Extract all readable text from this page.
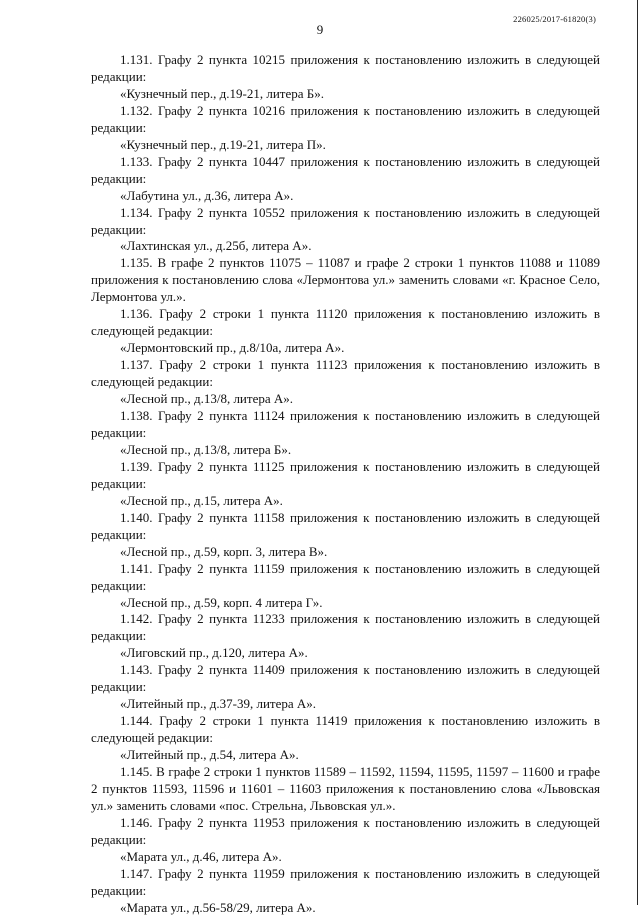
9
226025/2017-61820(3)

1.131. Графу 2 пункта 10215 приложения к постановлению изложить в следующей редакции:

«Кузнечный пер., д.19-21, литера Б».

1.132. Графу 2 пункта 10216 приложения к постановлению изложить в следующей редакции:

«Кузнечный пер., д.19-21, литера П».

1.133. Графу 2 пункта 10447 приложения к постановлению изложить в следующей редакции:

«Лабутина ул., д.36, литера А».

1.134. Графу 2 пункта 10552 приложения к постановлению изложить в следующей редакции:

«Лахтинская ул., д.25б, литера А».

1.135. В графе 2 пунктов 11075 – 11087 и графе 2 строки 1 пунктов 11088 и 11089 приложения к постановлению слова «Лермонтова ул.» заменить словами «г. Красное Село, Лермонтова ул.».

1.136. Графу 2 строки 1 пункта 11120 приложения к постановлению изложить в следующей редакции:

«Лермонтовский пр., д.8/10а, литера А».

1.137. Графу 2 строки 1 пункта 11123 приложения к постановлению изложить в следующей редакции:

«Лесной пр., д.13/8, литера А».

1.138. Графу 2 пункта 11124 приложения к постановлению изложить в следующей редакции:

«Лесной пр., д.13/8, литера Б».

1.139. Графу 2 пункта 11125 приложения к постановлению изложить в следующей редакции:

«Лесной пр., д.15, литера А».

1.140. Графу 2 пункта 11158 приложения к постановлению изложить в следующей редакции:

«Лесной пр., д.59, корп. 3, литера В».

1.141. Графу 2 пункта 11159 приложения к постановлению изложить в следующей редакции:

«Лесной пр., д.59, корп. 4 литера Г».

1.142. Графу 2 пункта 11233 приложения к постановлению изложить в следующей редакции:

«Лиговский пр., д.120, литера А».

1.143. Графу 2 пункта 11409 приложения к постановлению изложить в следующей редакции:

«Литейный пр., д.37-39, литера А».

1.144. Графу 2 строки 1 пункта 11419 приложения к постановлению изложить в следующей редакции:

«Литейный пр., д.54, литера А».

1.145. В графе 2 строки 1 пунктов 11589 – 11592, 11594, 11595, 11597 – 11600 и графе 2 пунктов 11593, 11596 и 11601 – 11603 приложения к постановлению слова «Львовская ул.» заменить словами «пос. Стрельна, Львовская ул.».

1.146. Графу 2 пункта 11953 приложения к постановлению изложить в следующей редакции:

«Марата ул., д.46, литера А».

1.147. Графу 2 пункта 11959 приложения к постановлению изложить в следующей редакции:

«Марата ул., д.56-58/29, литера А».
